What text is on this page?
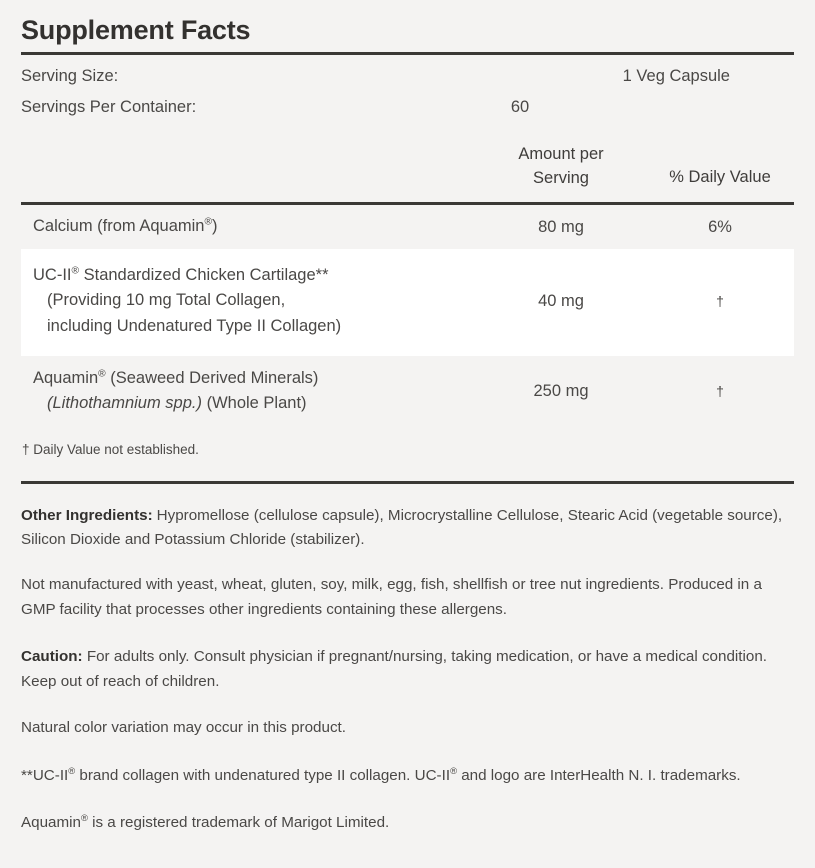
Supplement Facts
Serving Size:	1 Veg Capsule
Servings Per Container:	60
Amount per
Serving	% Daily Value
Calcium (from Aquamin®)	80 mg	6%
UC-II® Standardized Chicken Cartilage**
(Providing 10 mg Total Collagen,
including Undenatured Type II Collagen)
40 mg	†
Aquamin® (Seaweed Derived Minerals)
(Lithothamnium spp.) (Whole Plant)
250 mg	†
† Daily Value not established.
Other Ingredients: Hypromellose (cellulose capsule), Microcrystalline Cellulose, Stearic Acid (vegetable source), Silicon Dioxide and Potassium Chloride (stabilizer).
Not manufactured with yeast, wheat, gluten, soy, milk, egg, fish, shellfish or tree nut ingredients. Produced in a GMP facility that processes other ingredients containing these allergens.
Caution: For adults only. Consult physician if pregnant/nursing, taking medication, or have a medical condition. Keep out of reach of children.
Natural color variation may occur in this product.
**UC-II® brand collagen with undenatured type II collagen. UC-II® and logo are InterHealth N. I. trademarks.
Aquamin® is a registered trademark of Marigot Limited.
